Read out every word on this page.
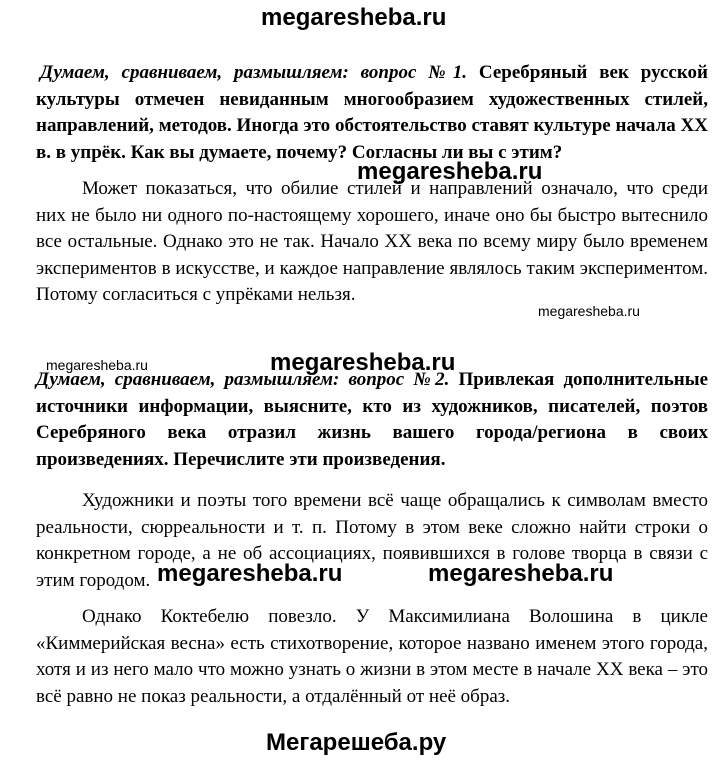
megaresheba.ru
Думаем, сравниваем, размышляем: вопрос №1. Серебряный век русской культуры отмечен невиданным многообразием художественных стилей, направлений, методов. Иногда это обстоятельство ставят культуре начала XX в. в упрёк. Как вы думаете, почему? Согласны ли вы с этим?
megaresheba.ru
Может показаться, что обилие стилей и направлений означало, что среди них не было ни одного по-настоящему хорошего, иначе оно бы быстро вытеснило все остальные. Однако это не так. Начало XX века по всему миру было временем экспериментов в искусстве, и каждое направление являлось таким экспериментом. Потому согласиться с упрёками нельзя.
megaresheba.ru
megaresheba.ru	megaresheba.ru
Думаем, сравниваем, размышляем: вопрос №2. Привлекая дополнительные источники информации, выясните, кто из художников, писателей, поэтов Серебряного века отразил жизнь вашего города/региона в своих произведениях. Перечислите эти произведения.
Художники и поэты того времени всё чаще обращались к символам вместо реальности, сюрреальности и т. п. Потому в этом веке сложно найти строки о конкретном городе, а не об ассоциациях, появившихся в голове творца в связи с этим городом. megaresheba.ru	megaresheba.ru
Однако Коктебелю повезло. У Максимилиана Волошина в цикле «Киммерийская весна» есть стихотворение, которое названо именем этого города, хотя и из него мало что можно узнать о жизни в этом месте в начале XX века – это всё равно не показ реальности, а отдалённый от неё образ.
Мегарешеба.ру
